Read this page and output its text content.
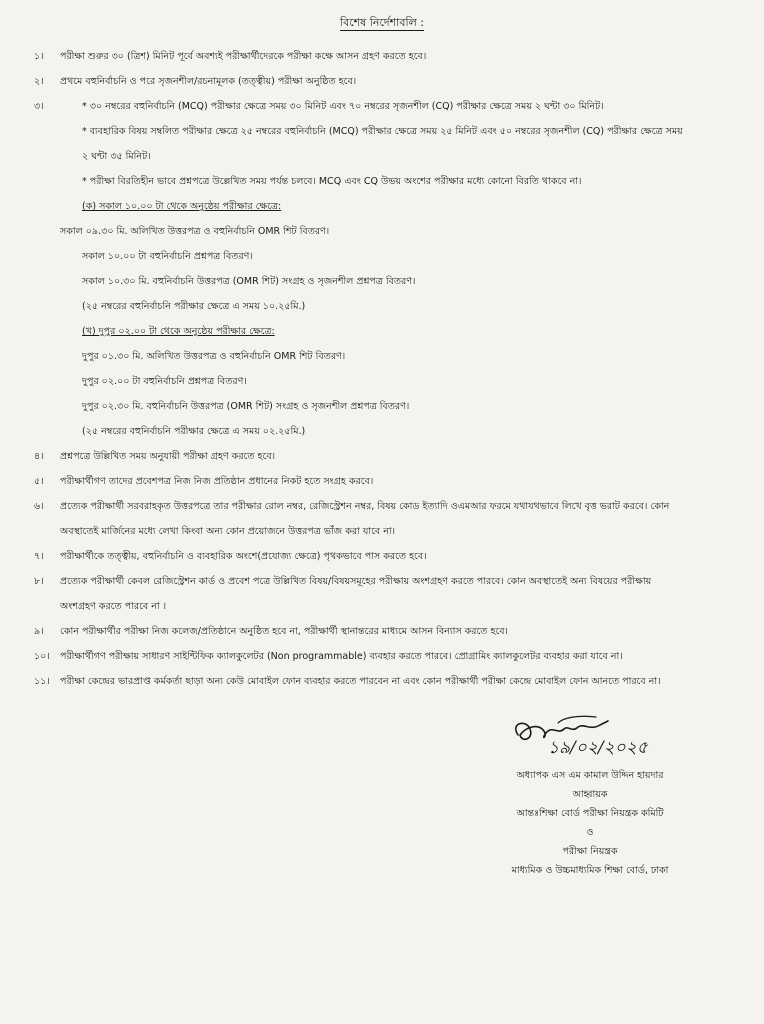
বিশেষ নির্দেশাবলি :
১।	পরীক্ষা শুরুর ৩০ (ত্রিশ) মিনিট পূর্বে অবশ্যই পরীক্ষার্থীদেরকে পরীক্ষা কক্ষে আসন গ্রহণ করতে হবে।
২।	প্রথমে বহুনির্বাচনি ও পরে সৃজনশীল/রচনামূলক (তত্ত্বীয়) পরীক্ষা অনুষ্ঠিত হবে।
৩।	* ৩০ নম্বরের বহুনির্বাচনি (MCQ) পরীক্ষার ক্ষেত্রে সময় ৩০ মিনিট এবং ৭০ নম্বরের সৃজনশীল (CQ) পরীক্ষার ক্ষেত্রে সময় ২ ঘন্টা ৩০ মিনিট।
* ব্যবহারিক বিষয় সম্বলিত পরীক্ষার ক্ষেত্রে ২৫ নম্বরের বহুনির্বাচনি (MCQ) পরীক্ষার ক্ষেত্রে সময় ২৫ মিনিট এবং ৫০ নম্বরের সৃজনশীল (CQ) পরীক্ষার ক্ষেত্রে সময়
২ ঘন্টা ৩৫ মিনিট।
* পরীক্ষা বিরতিহীন ভাবে প্রশ্নপত্রে উল্লেখিত সময় পর্যন্ত চলবে। MCQ এবং CQ উভয় অংশের পরীক্ষার মধ্যে কোনো বিরতি থাকবে না।
(ক) সকাল ১০.০০ টা থেকে অনুষ্ঠেয় পরীক্ষার ক্ষেত্রে:
সকাল ০৯.৩০ মি. অলিখিত উত্তরপত্র ও বহুনির্বাচনি OMR শিট বিতরণ।
সকাল ১০.০০ টা বহুনির্বাচনি প্রশ্নপত্র বিতরণ।
সকাল ১০.৩০ মি. বহুনির্বাচনি উত্তরপত্র (OMR শিট) সংগ্রহ ও সৃজনশীল প্রশ্নপত্র বিতরণ।
(২৫ নম্বরের বহুনির্বাচনি পরীক্ষার ক্ষেত্রে এ সময় ১০.২৫মি.)
(খ) দুপুর ০২.০০ টা থেকে অনুষ্ঠেয় পরীক্ষার ক্ষেত্রে:
দুপুর ০১.৩০ মি. অলিখিত উত্তরপত্র ও বহুনির্বাচনি OMR শিট বিতরণ।
দুপুর ০২.০০ টা বহুনির্বাচনি প্রশ্নপত্র বিতরণ।
দুপুর ০২.৩০ মি. বহুনির্বাচনি উত্তরপত্র (OMR শিট) সংগ্রহ ও সৃজনশীল প্রশ্নপত্র বিতরণ।
(২৫ নম্বরের বহুনির্বাচনি পরীক্ষার ক্ষেত্রে এ সময় ০২.২৫মি.)
৪।	প্রশ্নপত্রে উল্লিখিত সময় অনুযায়ী পরীক্ষা গ্রহণ করতে হবে।
৫।	পরীক্ষার্থীগণ তাদের প্রবেশপত্র নিজ নিজ প্রতিষ্ঠান প্রধানের নিকট হতে সংগ্রহ করবে।
৬।	প্রত্যেক পরীক্ষার্থী সরবরাহকৃত উত্তরপত্রে তার পরীক্ষার রোল নম্বর, রেজিস্ট্রেশন নম্বর, বিষয় কোড ইত্যাদি ওএমআর ফরমে যথাযথভাবে লিখে বৃত্ত ভরাট করবে। কোন
অবস্থাতেই মার্জিনের মধ্যে লেখা কিংবা অন্য কোন প্রয়োজনে উত্তরপত্র ভাঁজ করা যাবে না।
৭।	পরীক্ষার্থীকে তত্ত্বীয়, বহুনির্বাচনি ও ব্যবহারিক অংশে(প্রযোজ্য ক্ষেত্রে) পৃথকভাবে পাস করতে হবে।
৮।	প্রত্যেক পরীক্ষার্থী কেবল রেজিস্ট্রেশন কার্ড ও প্রবেশ পত্রে উল্লিখিত বিষয়/বিষয়সমূহের পরীক্ষায় অংশগ্রহণ করতে পারবে। কোন অবস্থাতেই অন্য বিষয়ের পরীক্ষায়
অংশগ্রহণ করতে পারবে না ।
৯।	কোন পরীক্ষার্থীর পরীক্ষা নিজ কলেজ/প্রতিষ্ঠানে অনুষ্ঠিত হবে না, পরীক্ষার্থী স্থানান্তরের মাধ্যমে আসন বিন্যাস করতে হবে।
১০।	পরীক্ষার্থীগণ পরীক্ষায় সাধারণ সাইন্টিফিক ক্যালকুলেটর (Non programmable) ব্যবহার করতে পারবে। প্রোগ্রামিং ক্যালকুলেটর ব্যবহার করা যাবে না।
১১।	পরীক্ষা কেন্দ্রের ভারপ্রাপ্ত কর্মকর্তা ছাড়া অন্য কেউ মোবাইল ফোন ব্যবহার করতে পারবেন না এবং কোন পরীক্ষার্থী পরীক্ষা কেন্দ্রে মোবাইল ফোন আনতে পারবে না।
১৯/০২/২০২৫
অধ্যাপক এস এম কামাল উদ্দিন হায়দার
আহ্বায়ক
আন্তঃশিক্ষা বোর্ড পরীক্ষা নিয়ন্ত্রক কমিটি
ও
পরীক্ষা নিয়ন্ত্রক
মাধ্যমিক ও উচ্চমাধ্যমিক শিক্ষা বোর্ড, ঢাকা
